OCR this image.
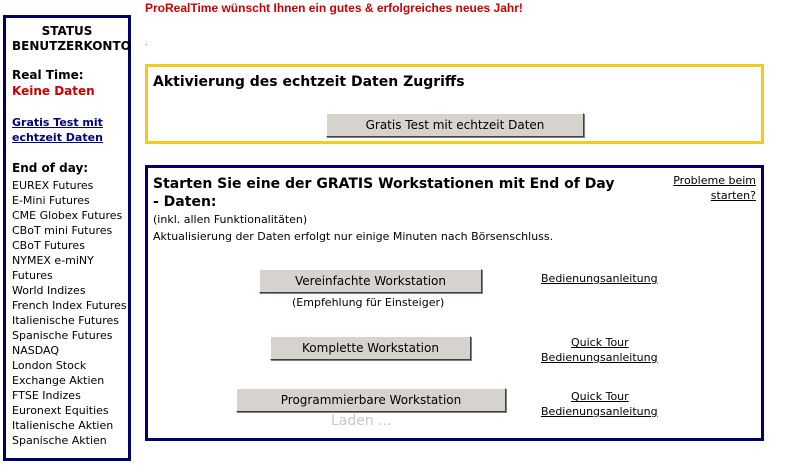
ProRealTime wünscht Ihnen ein gutes & erfolgreiches neues Jahr!
.
STATUS
BENUTZERKONTO
Real Time:
Keine Daten
Gratis Test mit
echtzeit Daten
End of day:
EUREX Futures
E-Mini Futures
CME Globex Futures
CBoT mini Futures
CBoT Futures
NYMEX e-miNY
Futures
World Indizes
French Index Futures
Italienische Futures
Spanische Futures
NASDAQ
London Stock
Exchange Aktien
FTSE Indizes
Euronext Equities
Italienische Aktien
Spanische Aktien
Aktivierung des echtzeit Daten Zugriffs
Gratis Test mit echtzeit Daten

Starten Sie eine der GRATIS Workstationen mit End of Day - Daten:

Probleme beim
starten?
(inkl. allen Funktionalitäten)
Aktualisierung der Daten erfolgt nur einige Minuten nach Börsenschluss.
Vereinfachte Workstation
(Empfehlung für Einsteiger)
Bedienungsanleitung
Komplette Workstation	Quick Tour
Bedienungsanleitung
Programmierbare Workstation	Quick Tour
Bedienungsanleitung
Laden ...
